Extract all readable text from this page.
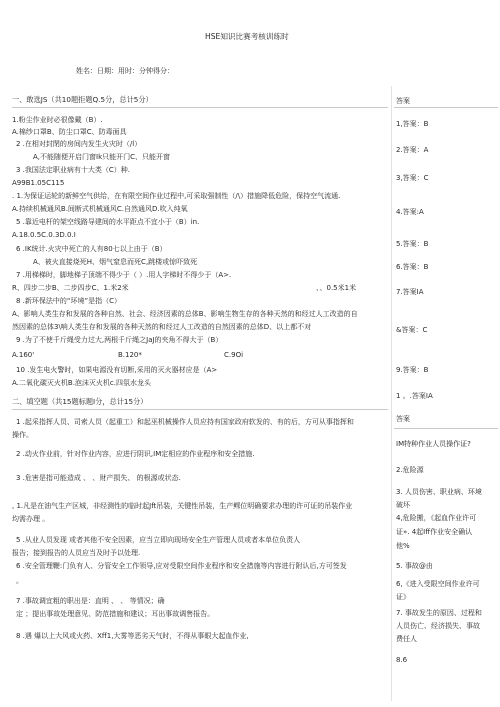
HSE知识比赛考核训练时
姓名：日期：用时：分钟得分：
一、敢选JS（共10题拒题Q.5分，总计5分）
1.粉尘作业时必很像戴（B）.
A.棉纱口罩B、防尘口罩C、防毒面具
2 .在相对封閉的房间内发生火灾时（/l）
A,不能随便开启门窗Ik只能开门C、只能开窗
3 .我国法定职业病有十大类（C）种.
A99B1.05C115
. 1.为保证运轮的新鲜空气供给，在有限空间作业过程中,可采取强制性（/\）措施降低危险，保持空气流通.
A.持续机械通风B.间断式机械通风C.自然通风D.吹入纯氧
5 .靠近电杆的架空线路导建间的水平距点不宜小于（B）in.
A.18.0.5C.0.3D.0.I
6 .IK统计.火灾中死亡的人有80七以上由于（B）
A、被火直接烧死H、烟气窒息而死C,跳楼或惊吓致死
7 .用梯梯时，脚地梯子顶端不得少于（ ）.用人字梯时不得少于（A>.
R、四步二步B、二步四步C、1.米2米	、、0.5米1米
8 .新环保法中的“环境”是指（C）
A、影响人类生存和发展的各种自然、社会、经济因素的总体B、影响生物生存的各种天然的和经过人工改造的自
然因素的总体3\响人类生存和发展的各种天然的和经过人工改造的自然因素的总体D、以上都不对
9 .为了不使千斤绳受力过大,两根千斤绳之JaJ的夹角不得大于（B）
A.160'	B.120*	C.9Oi
10 .发生电火警时，如果电源没有切断,采用的灭火器材应是（A>
A.二氧化碳灭火机B.泡沫灭火机c.四氛水龙头
二、填空题（共15题标题I分，总计15分）
1 .起采指挥人员、司索人员（起重工）和起巫机械操作人员应持有国家政府软发的、有的后，方可从事指挥和
操作。
2 .动火作业前，针对作业内容，应进行阴识,IM定相应的作业程序和安全措施.
3 .危害是指可能造成 、 、财产损失、 的根源或状态.
, 1.凡是在油气生产区城，非经测性的临时起Jft吊装，关键性吊装，生产鳏位明确要求办理的许可证的吊装作业
均需办理 。
5 .从业人员发现 或者其他不安全因素，应当立即向现场安全生产管理人员或者本单位负责人
报告；接到报告的人员应当及时予以处理.
6 .安全管理鞭:门负有人、分管安全工作领导,应对受限空间作业程序和安全措施等内容进行附认后,方可签发
。
7 .事故调宜粗的职出是：直明 、 、 等情况；确
定 ；提出事故处理意见、防范措施和建议；耳出事故调售报告。
8 .遇 爆以上大风或火药、Xff1,大雾等恶劣天气时，不得从事眼大起血作业,
答案
1,答案：B
2.答案：A
3,答案：C
4.答案:A
5.答案：B
6.答案：B
7.答案IA
&答案：C
9.答案：B
1 。.答案IA
答案
IM特种作业人员操作证?
2.危险源
3. 人员伤害、职业病、环境
破坏
4,危险搬，《起血作业许可
证». 4起Iff作业安全确认
他%
5. 事故@由
6,《进入受限空间作业许可
证》
7. 事故发生的原因、过程和
人员伤亡、经济损失、事故
费任人
8.6
